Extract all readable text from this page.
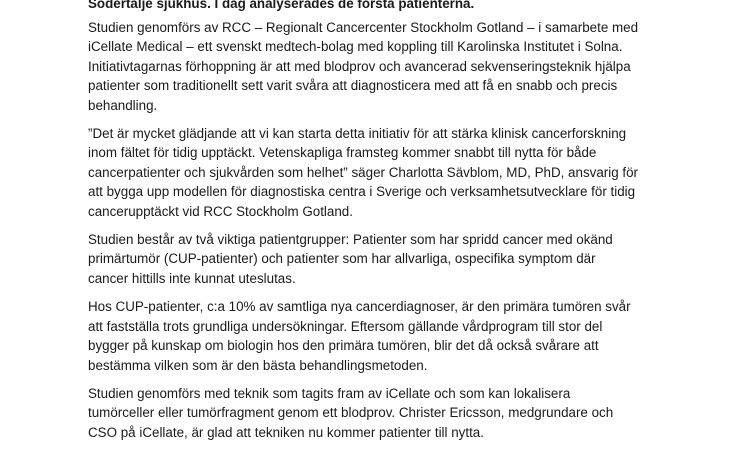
Södertälje sjukhus. I dag analyserades de första patienterna.
Studien genomförs av RCC – Regionalt Cancercenter Stockholm Gotland – i samarbete med
iCellate Medical – ett svenskt medtech-bolag med koppling till Karolinska Institutet i Solna.
Initiativtagarnas förhoppning är att med blodprov och avancerad sekvenseringsteknik hjälpa
patienter som traditionellt sett varit svåra att diagnosticera med att få en snabb och precis
behandling.
”Det är mycket glädjande att vi kan starta detta initiativ för att stärka klinisk cancerforskning
inom fältet för tidig upptäckt. Vetenskapliga framsteg kommer snabbt till nytta för både
cancerpatienter och sjukvården som helhet” säger Charlotta Sävblom, MD, PhD, ansvarig för
att bygga upp modellen för diagnostiska centra i Sverige och verksamhetsutvecklare för tidig
cancerupptäckt vid RCC Stockholm Gotland.
Studien består av två viktiga patientgrupper: Patienter som har spridd cancer med okänd
primärtumör (CUP-patienter) och patienter som har allvarliga, ospecifika symptom där
cancer hittills inte kunnat uteslutas.
Hos CUP-patienter, c:a 10% av samtliga nya cancerdiagnoser, är den primära tumören svår
att fastställa trots grundliga undersökningar. Eftersom gällande vårdprogram till stor del
bygger på kunskap om biologin hos den primära tumören, blir det då också svårare att
bestämma vilken som är den bästa behandlingsmetoden.
Studien genomförs med teknik som tagits fram av iCellate och som kan lokalisera
tumörceller eller tumörfragment genom ett blodprov. Christer Ericsson, medgrundare och
CSO på iCellate, är glad att tekniken nu kommer patienter till nytta.
